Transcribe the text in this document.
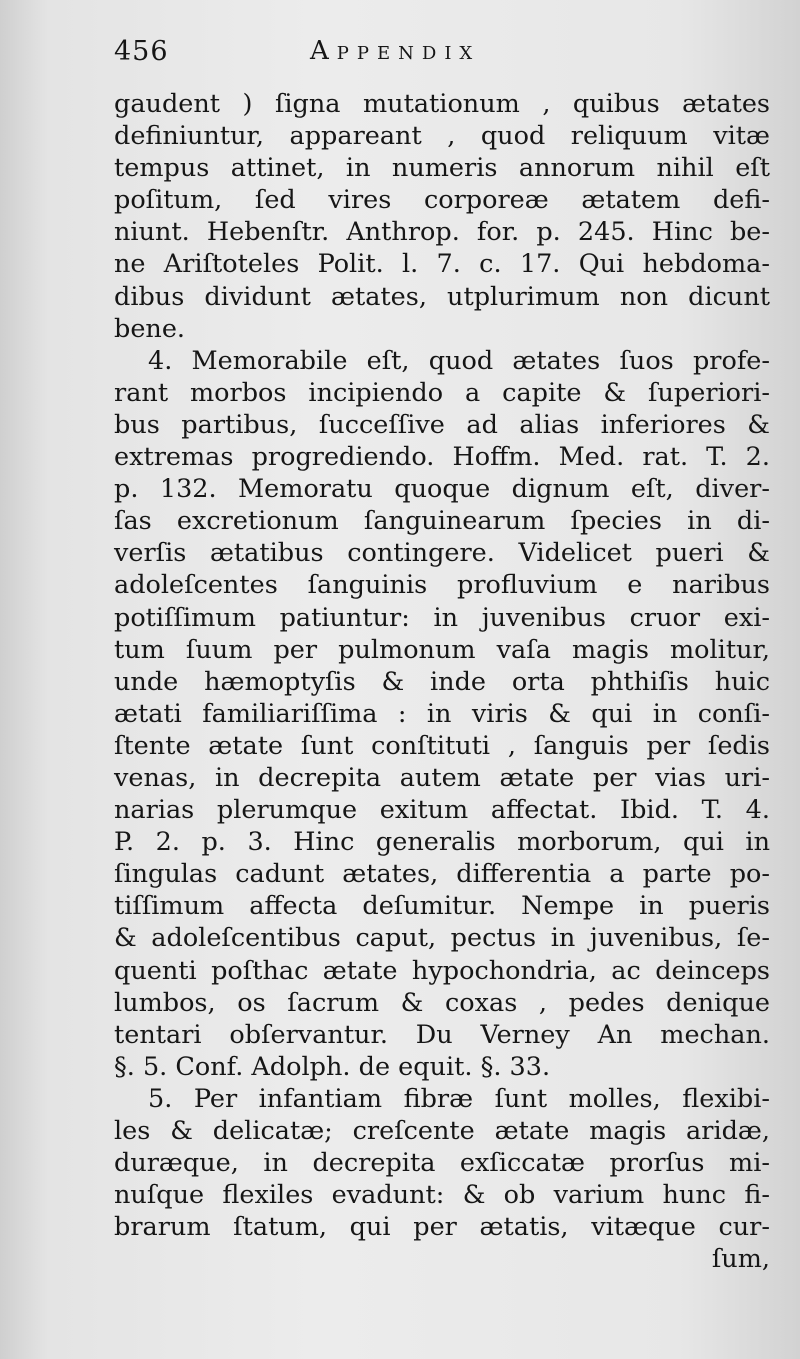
456	Appendix
gaudent ) ſigna mutationum , quibus ætates
definiuntur, appareant , quod reliquum vitæ
tempus attinet, in numeris annorum nihil eſt
poſitum, ſed vires corporeæ ætatem defi-
niunt. Hebenſtr. Anthrop. for. p. 245. Hinc be-
ne Ariſtoteles Polit. l. 7. c. 17. Qui hebdoma-
dibus dividunt ætates, utplurimum non dicunt
bene.
4. Memorabile eſt, quod ætates ſuos profe-
rant morbos incipiendo a capite & ſuperiori-
bus partibus, ſucceſſive ad alias inferiores &
extremas progrediendo. Hoffm. Med. rat. T. 2.
p. 132. Memoratu quoque dignum eſt, diver-
ſas excretionum ſanguinearum ſpecies in di-
verſis ætatibus contingere. Videlicet pueri &
adoleſcentes ſanguinis profluvium e naribus
potiſſimum patiuntur: in juvenibus cruor exi-
tum ſuum per pulmonum vaſa magis molitur,
unde hæmoptyſis & inde orta phthiſis huic
ætati familiariſſima : in viris & qui in conſi-
ſtente ætate ſunt conſtituti , ſanguis per ſedis
venas, in decrepita autem ætate per vias uri-
narias plerumque exitum affectat. Ibid. T. 4.
P. 2. p. 3. Hinc generalis morborum, qui in
ſingulas cadunt ætates, differentia a parte po-
tiſſimum affecta deſumitur. Nempe in pueris
& adoleſcentibus caput, pectus in juvenibus, ſe-
quenti poſthac ætate hypochondria, ac deinceps
lumbos, os ſacrum & coxas , pedes denique
tentari obſervantur. Du Verney An mechan.
§. 5. Conf. Adolph. de equit. §. 33.
5. Per infantiam fibræ ſunt molles, flexibi-
les & delicatæ; creſcente ætate magis aridæ,
duræque, in decrepita exſiccatæ prorſus mi-
nuſque flexiles evadunt: & ob varium hunc fi-
brarum ſtatum, qui per ætatis, vitæque cur-
ſum,
